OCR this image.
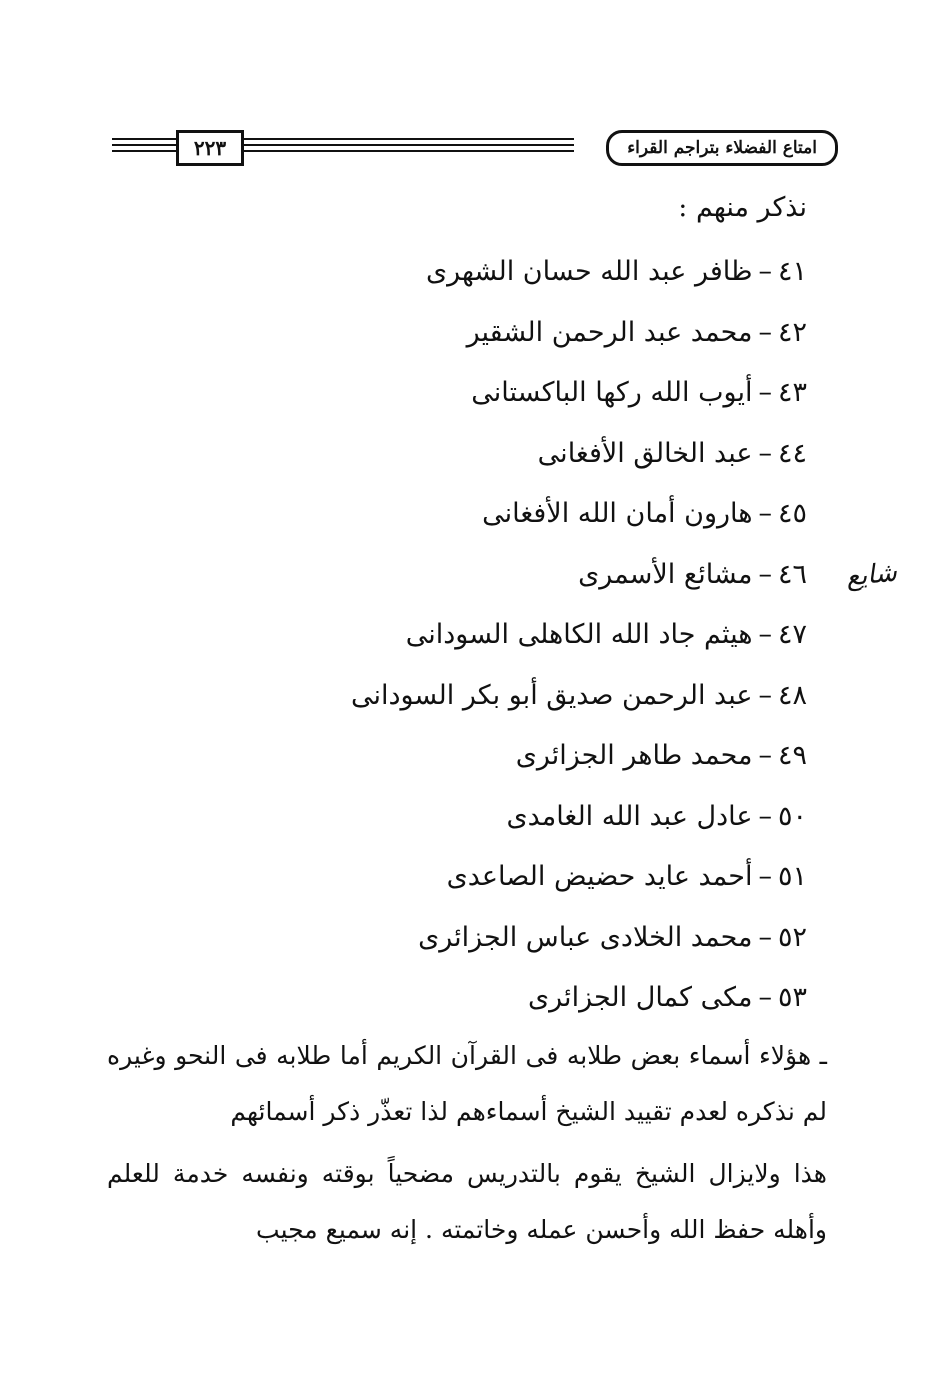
٢٢٣	امتاع الفضلاء بتراجم القراء
نذكر منهم :
٤١–ظافر عبد الله حسان الشهرى
٤٢–محمد عبد الرحمن الشقير
٤٣–أيوب الله ركها الباكستانى
٤٤–عبد الخالق الأفغانى
٤٥–هارون أمان الله الأفغانى
٤٦–مشائع الأسمرى
٤٧–هيثم جاد الله الكاهلى السودانى
٤٨–عبد الرحمن صديق أبو بكر السودانى
٤٩–محمد طاهر الجزائرى
٥٠–عادل عبد الله الغامدى
٥١–أحمد عايد حضيض الصاعدى
٥٢–محمد الخلادى عباس الجزائرى
٥٣–مكى كمال الجزائرى
شايع
ـ هؤلاء أسماء بعض طلابه فى القرآن الكريم أما طلابه فى النحو وغيره لم نذكره لعدم تقييد الشيخ أسماءهم لذا تعذّر ذكر أسمائهم
هذا ولايزال الشيخ يقوم بالتدريس مضحياً بوقته ونفسه خدمة للعلم وأهله حفظ الله وأحسن عمله وخاتمته . إنه سميع مجيب
